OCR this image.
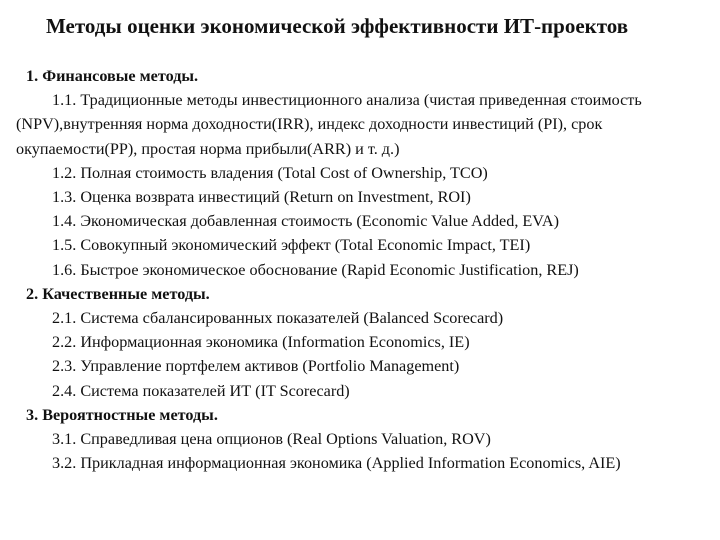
Методы оценки экономической эффективности ИТ-проектов
1. Финансовые методы.
1.1. Традиционные методы инвестиционного анализа (чистая приведенная стоимость (NPV),внутренняя норма доходности(IRR), индекс доходности инвестиций (PI), срок окупаемости(PP), простая норма прибыли(ARR) и т. д.)
1.2. Полная стоимость владения (Total Cost of Ownership, TCO)
1.3. Оценка возврата инвестиций (Return on Investment, ROI)
1.4. Экономическая добавленная стоимость (Economic Value Added, EVA)
1.5. Совокупный экономический эффект (Total Economic Impact, TEI)
1.6. Быстрое экономическое обоснование (Rapid Economic Justification, REJ)
2. Качественные методы.
2.1. Система сбалансированных показателей (Balanced Scorecard)
2.2. Информационная экономика (Information Economics, IE)
2.3. Управление портфелем активов (Portfolio Management)
2.4. Система показателей ИТ (IT Scorecard)
3. Вероятностные методы.
3.1. Справедливая цена опционов (Real Options Valuation, ROV)
3.2. Прикладная информационная экономика (Applied Information Economics, AIE)
